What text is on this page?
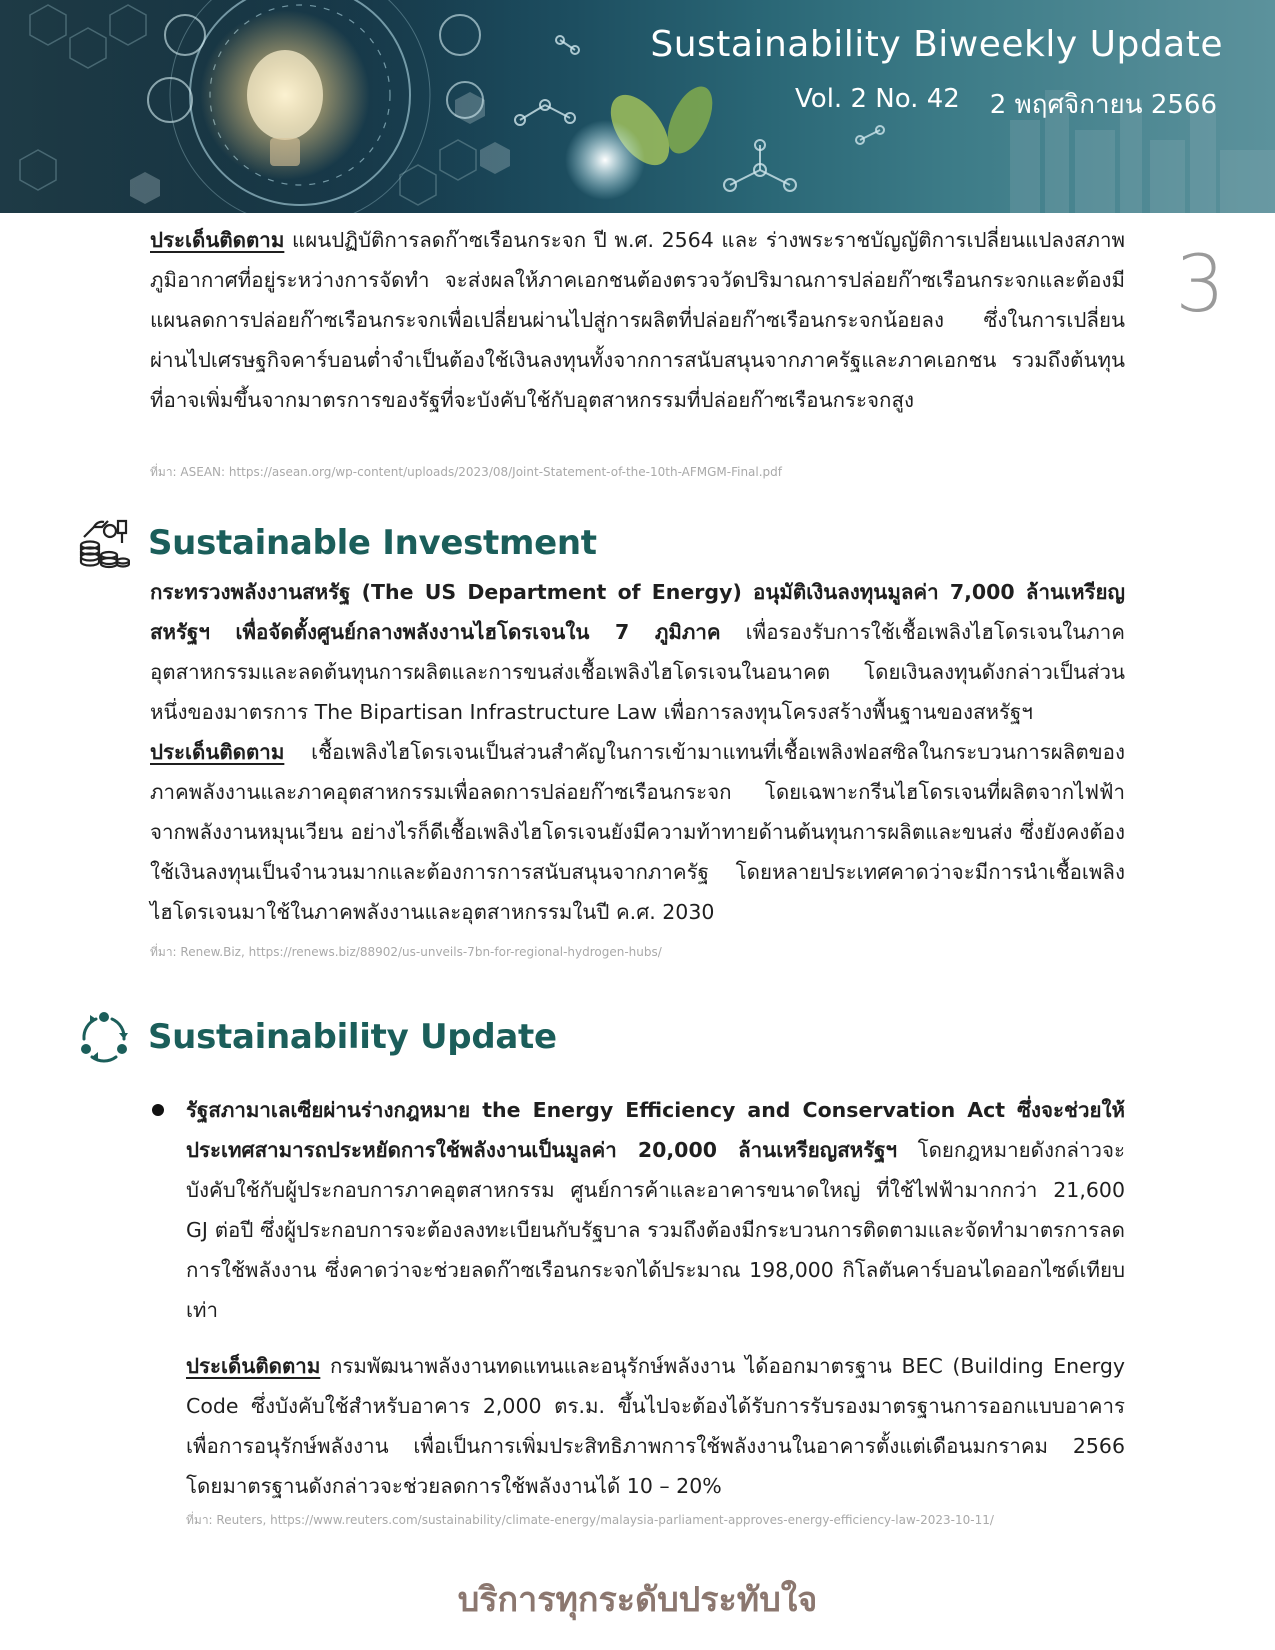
Sustainability Biweekly Update
Vol. 2 No. 42 2 พฤศจิกายน 2566
3

ประเด็นติดตาม แผนปฏิบัติการลดก๊าซเรือนกระจก ปี พ.ศ. 2564 และ ร่างพระราชบัญญัติการเปลี่ยนแปลงสภาพภูมิอากาศที่อยู่ระหว่างการจัดทำ จะส่งผลให้ภาคเอกชนต้องตรวจวัดปริมาณการปล่อยก๊าซเรือนกระจกและต้องมีแผนลดการปล่อยก๊าซเรือนกระจกเพื่อเปลี่ยนผ่านไปสู่การผลิตที่ปล่อยก๊าซเรือนกระจกน้อยลง ซึ่งในการเปลี่ยนผ่านไปเศรษฐกิจคาร์บอนต่ำจำเป็นต้องใช้เงินลงทุนทั้งจากการสนับสนุนจากภาครัฐและภาคเอกชน รวมถึงต้นทุนที่อาจเพิ่มขึ้นจากมาตรการของรัฐที่จะบังคับใช้กับอุตสาหกรรมที่ปล่อยก๊าซเรือนกระจกสูง

ที่มา: ASEAN: https://asean.org/wp-content/uploads/2023/08/Joint-Statement-of-the-10th-AFMGM-Final.pdf
Sustainable Investment

กระทรวงพลังงานสหรัฐ (The US Department of Energy) อนุมัติเงินลงทุนมูลค่า 7,000 ล้านเหรียญสหรัฐฯ เพื่อจัดตั้งศูนย์กลางพลังงานไฮโดรเจนใน 7 ภูมิภาค เพื่อรองรับการใช้เชื้อเพลิงไฮโดรเจนในภาคอุตสาหกรรมและลดต้นทุนการผลิตและการขนส่งเชื้อเพลิงไฮโดรเจนในอนาคต โดยเงินลงทุนดังกล่าวเป็นส่วนหนึ่งของมาตรการ The Bipartisan Infrastructure Law เพื่อการลงทุนโครงสร้างพื้นฐานของสหรัฐฯ
ประเด็นติดตาม เชื้อเพลิงไฮโดรเจนเป็นส่วนสำคัญในการเข้ามาแทนที่เชื้อเพลิงฟอสซิลในกระบวนการผลิตของภาคพลังงานและภาคอุตสาหกรรมเพื่อลดการปล่อยก๊าซเรือนกระจก โดยเฉพาะกรีนไฮโดรเจนที่ผลิตจากไฟฟ้าจากพลังงานหมุนเวียน อย่างไรก็ดีเชื้อเพลิงไฮโดรเจนยังมีความท้าทายด้านต้นทุนการผลิตและขนส่ง ซึ่งยังคงต้องใช้เงินลงทุนเป็นจำนวนมากและต้องการการสนับสนุนจากภาครัฐ โดยหลายประเทศคาดว่าจะมีการนำเชื้อเพลิงไฮโดรเจนมาใช้ในภาคพลังงานและอุตสาหกรรมในปี ค.ศ. 2030

ที่มา: Renew.Biz, https://renews.biz/88902/us-unveils-7bn-for-regional-hydrogen-hubs/
Sustainability Update

รัฐสภามาเลเซียผ่านร่างกฎหมาย the Energy Efficiency and Conservation Act ซึ่งจะช่วยให้ประเทศสามารถประหยัดการใช้พลังงานเป็นมูลค่า 20,000 ล้านเหรียญสหรัฐฯ โดยกฎหมายดังกล่าวจะบังคับใช้กับผู้ประกอบการภาคอุตสาหกรรม ศูนย์การค้าและอาคารขนาดใหญ่ ที่ใช้ไฟฟ้ามากกว่า 21,600 GJ ต่อปี ซึ่งผู้ประกอบการจะต้องลงทะเบียนกับรัฐบาล รวมถึงต้องมีกระบวนการติดตามและจัดทำมาตรการลดการใช้พลังงาน ซึ่งคาดว่าจะช่วยลดก๊าซเรือนกระจกได้ประมาณ 198,000 กิโลตันคาร์บอนไดออกไซด์เทียบเท่า

ประเด็นติดตาม กรมพัฒนาพลังงานทดแทนและอนุรักษ์พลังงาน ได้ออกมาตรฐาน BEC (Building Energy Code ซึ่งบังคับใช้สำหรับอาคาร 2,000 ตร.ม. ขึ้นไปจะต้องได้รับการรับรองมาตรฐานการออกแบบอาคารเพื่อการอนุรักษ์พลังงาน เพื่อเป็นการเพิ่มประสิทธิภาพการใช้พลังงานในอาคารตั้งแต่เดือนมกราคม 2566 โดยมาตรฐานดังกล่าวจะช่วยลดการใช้พลังงานได้ 10 – 20%

ที่มา: Reuters, https://www.reuters.com/sustainability/climate-energy/malaysia-parliament-approves-energy-efficiency-law-2023-10-11/
บริการทุกระดับประทับใจ
